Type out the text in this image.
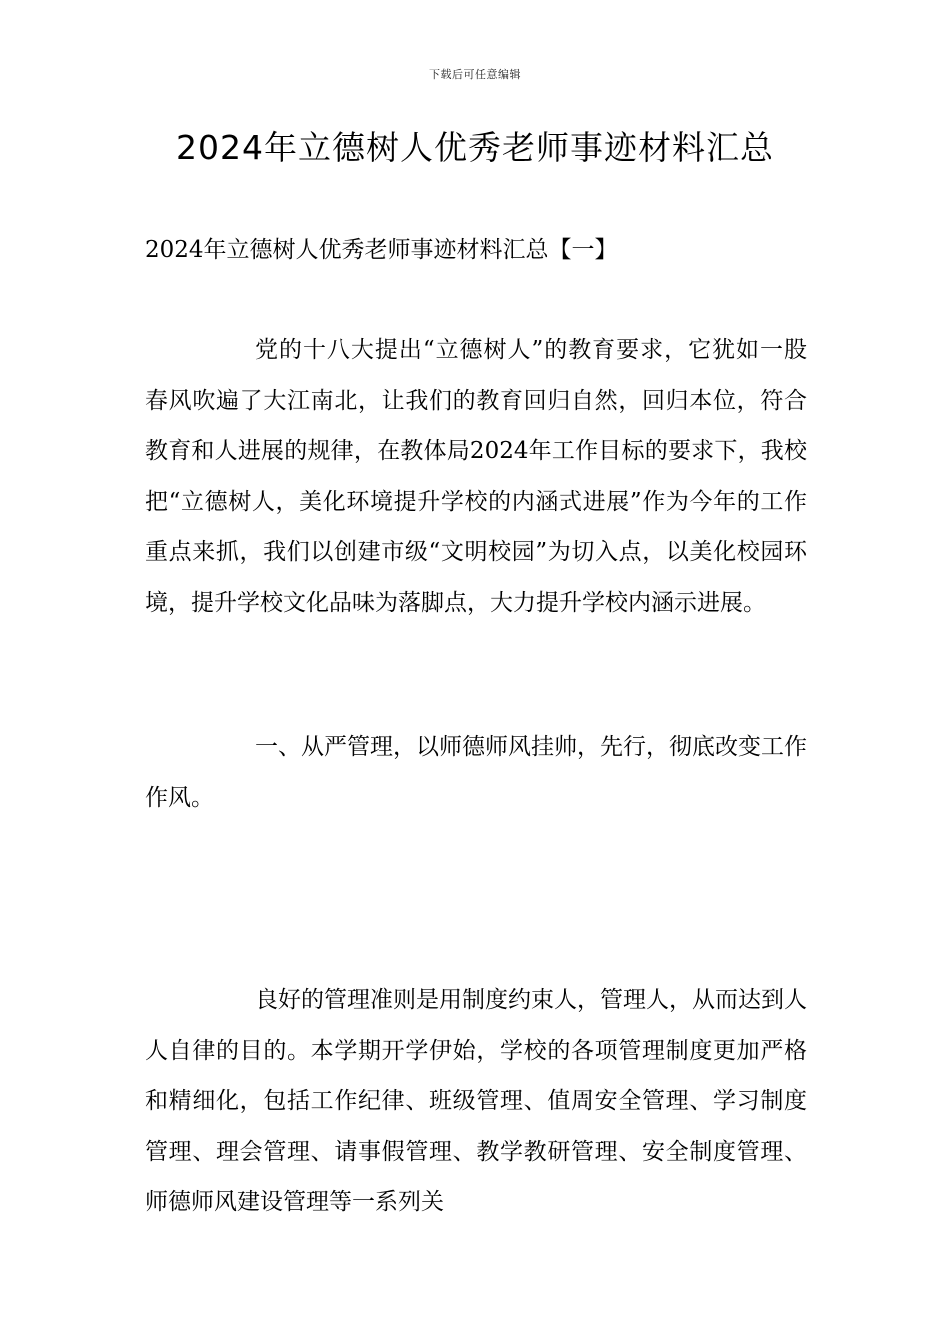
下载后可任意编辑
2024年立德树人优秀老师事迹材料汇总

2024年立德树人优秀老师事迹材料汇总【一】

党的十八大提出“立德树人”的教育要求，它犹如一股春风吹遍了大江南北，让我们的教育回归自然，回归本位，符合教育和人进展的规律，在教体局2024年工作目标的要求下，我校把“立德树人，美化环境提升学校的内涵式进展”作为今年的工作重点来抓，我们以创建市级“文明校园”为切入点，以美化校园环境，提升学校文化品味为落脚点，大力提升学校内涵示进展。

一、从严管理，以师德师风挂帅，先行，彻底改变工作作风。

良好的管理准则是用制度约束人，管理人，从而达到人人自律的目的。本学期开学伊始，学校的各项管理制度更加严格和精细化，包括工作纪律、班级管理、值周安全管理、学习制度管理、理会管理、请事假管理、教学教研管理、安全制度管理、师德师风建设管理等一系列关
